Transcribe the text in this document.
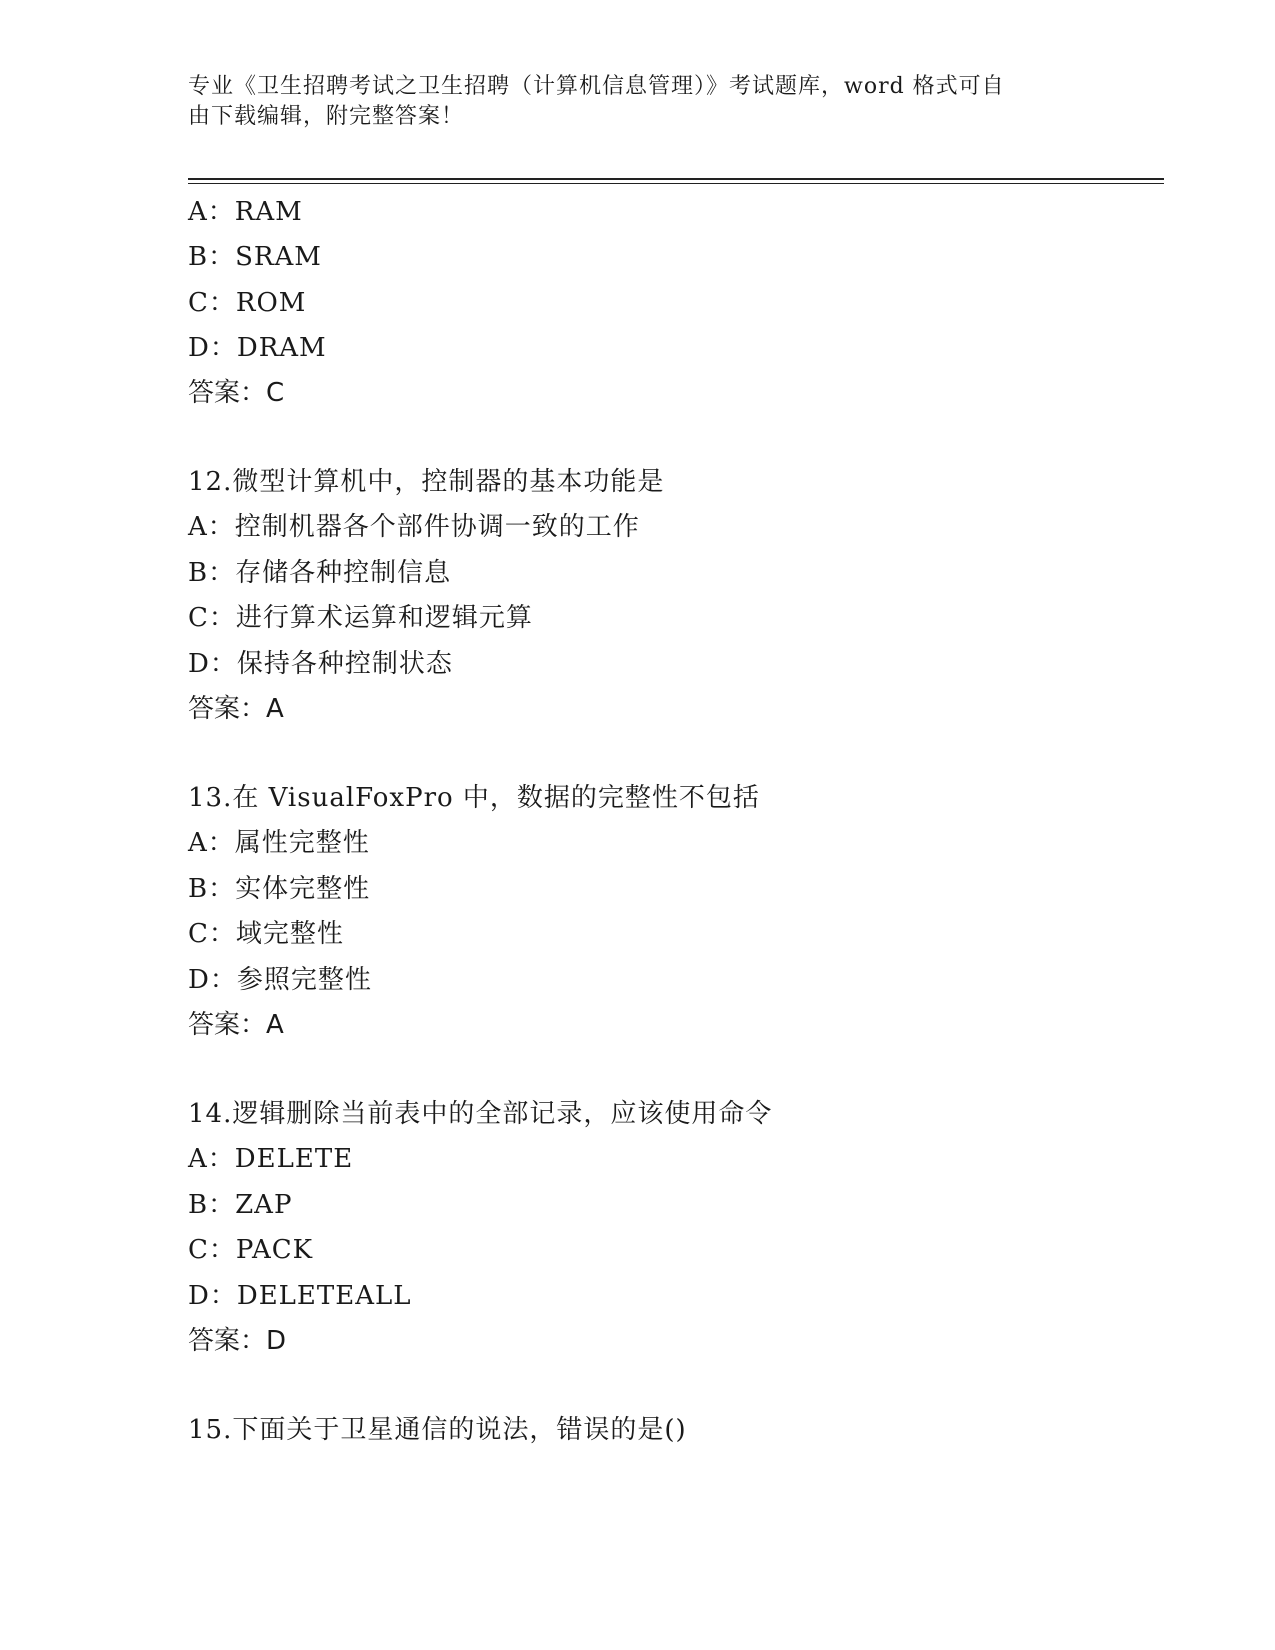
专业《卫生招聘考试之卫生招聘（计算机信息管理）》考试题库，word 格式可自
由下载编辑，附完整答案！
A：RAM
B：SRAM
C：ROM
D：DRAM
答案：C
12.微型计算机中，控制器的基本功能是
A：控制机器各个部件协调一致的工作
B：存储各种控制信息
C：进行算术运算和逻辑元算
D：保持各种控制状态
答案：A
13.在 VisualFoxPro 中，数据的完整性不包括
A：属性完整性
B：实体完整性
C：域完整性
D：参照完整性
答案：A
14.逻辑删除当前表中的全部记录，应该使用命令
A：DELETE
B：ZAP
C：PACK
D：DELETEALL
答案：D
15.下面关于卫星通信的说法，错误的是()
